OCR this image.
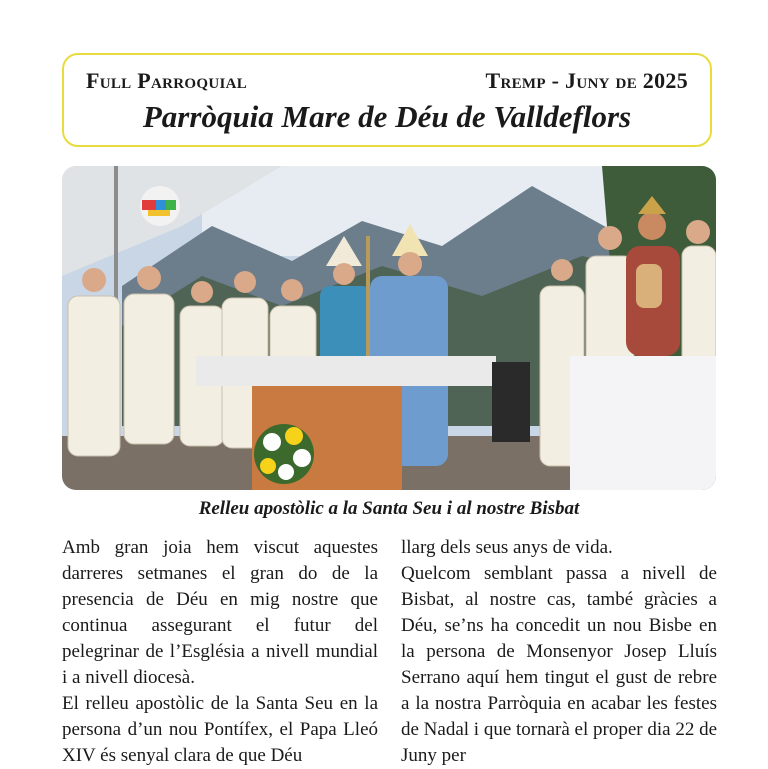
Full Parroquial	Tremp - Juny de 2025
Parròquia Mare de Déu de Valldeflors
Relleu apostòlic a la Santa Seu i al nostre Bisbat

Amb gran joia hem viscut aquestes darreres setmanes el gran do de la presencia de Déu en mig nostre que continua assegurant el futur del pelegrinar de l’Església a nivell mundial i a nivell diocesà.

El relleu apostòlic de la Santa Seu en la persona d’un nou Pontífex, el Papa Lleó XIV és senyal clara de que Déu

llarg dels seus anys de vida.

Quelcom semblant passa a nivell de Bisbat, al nostre cas, també gràcies a Déu, se’ns ha concedit un nou Bisbe en la persona de Monsenyor Josep Lluís Serrano aquí hem tingut el gust de rebre a la nostra Parròquia en acabar les festes de Nadal i que tornarà el proper dia 22 de Juny per
